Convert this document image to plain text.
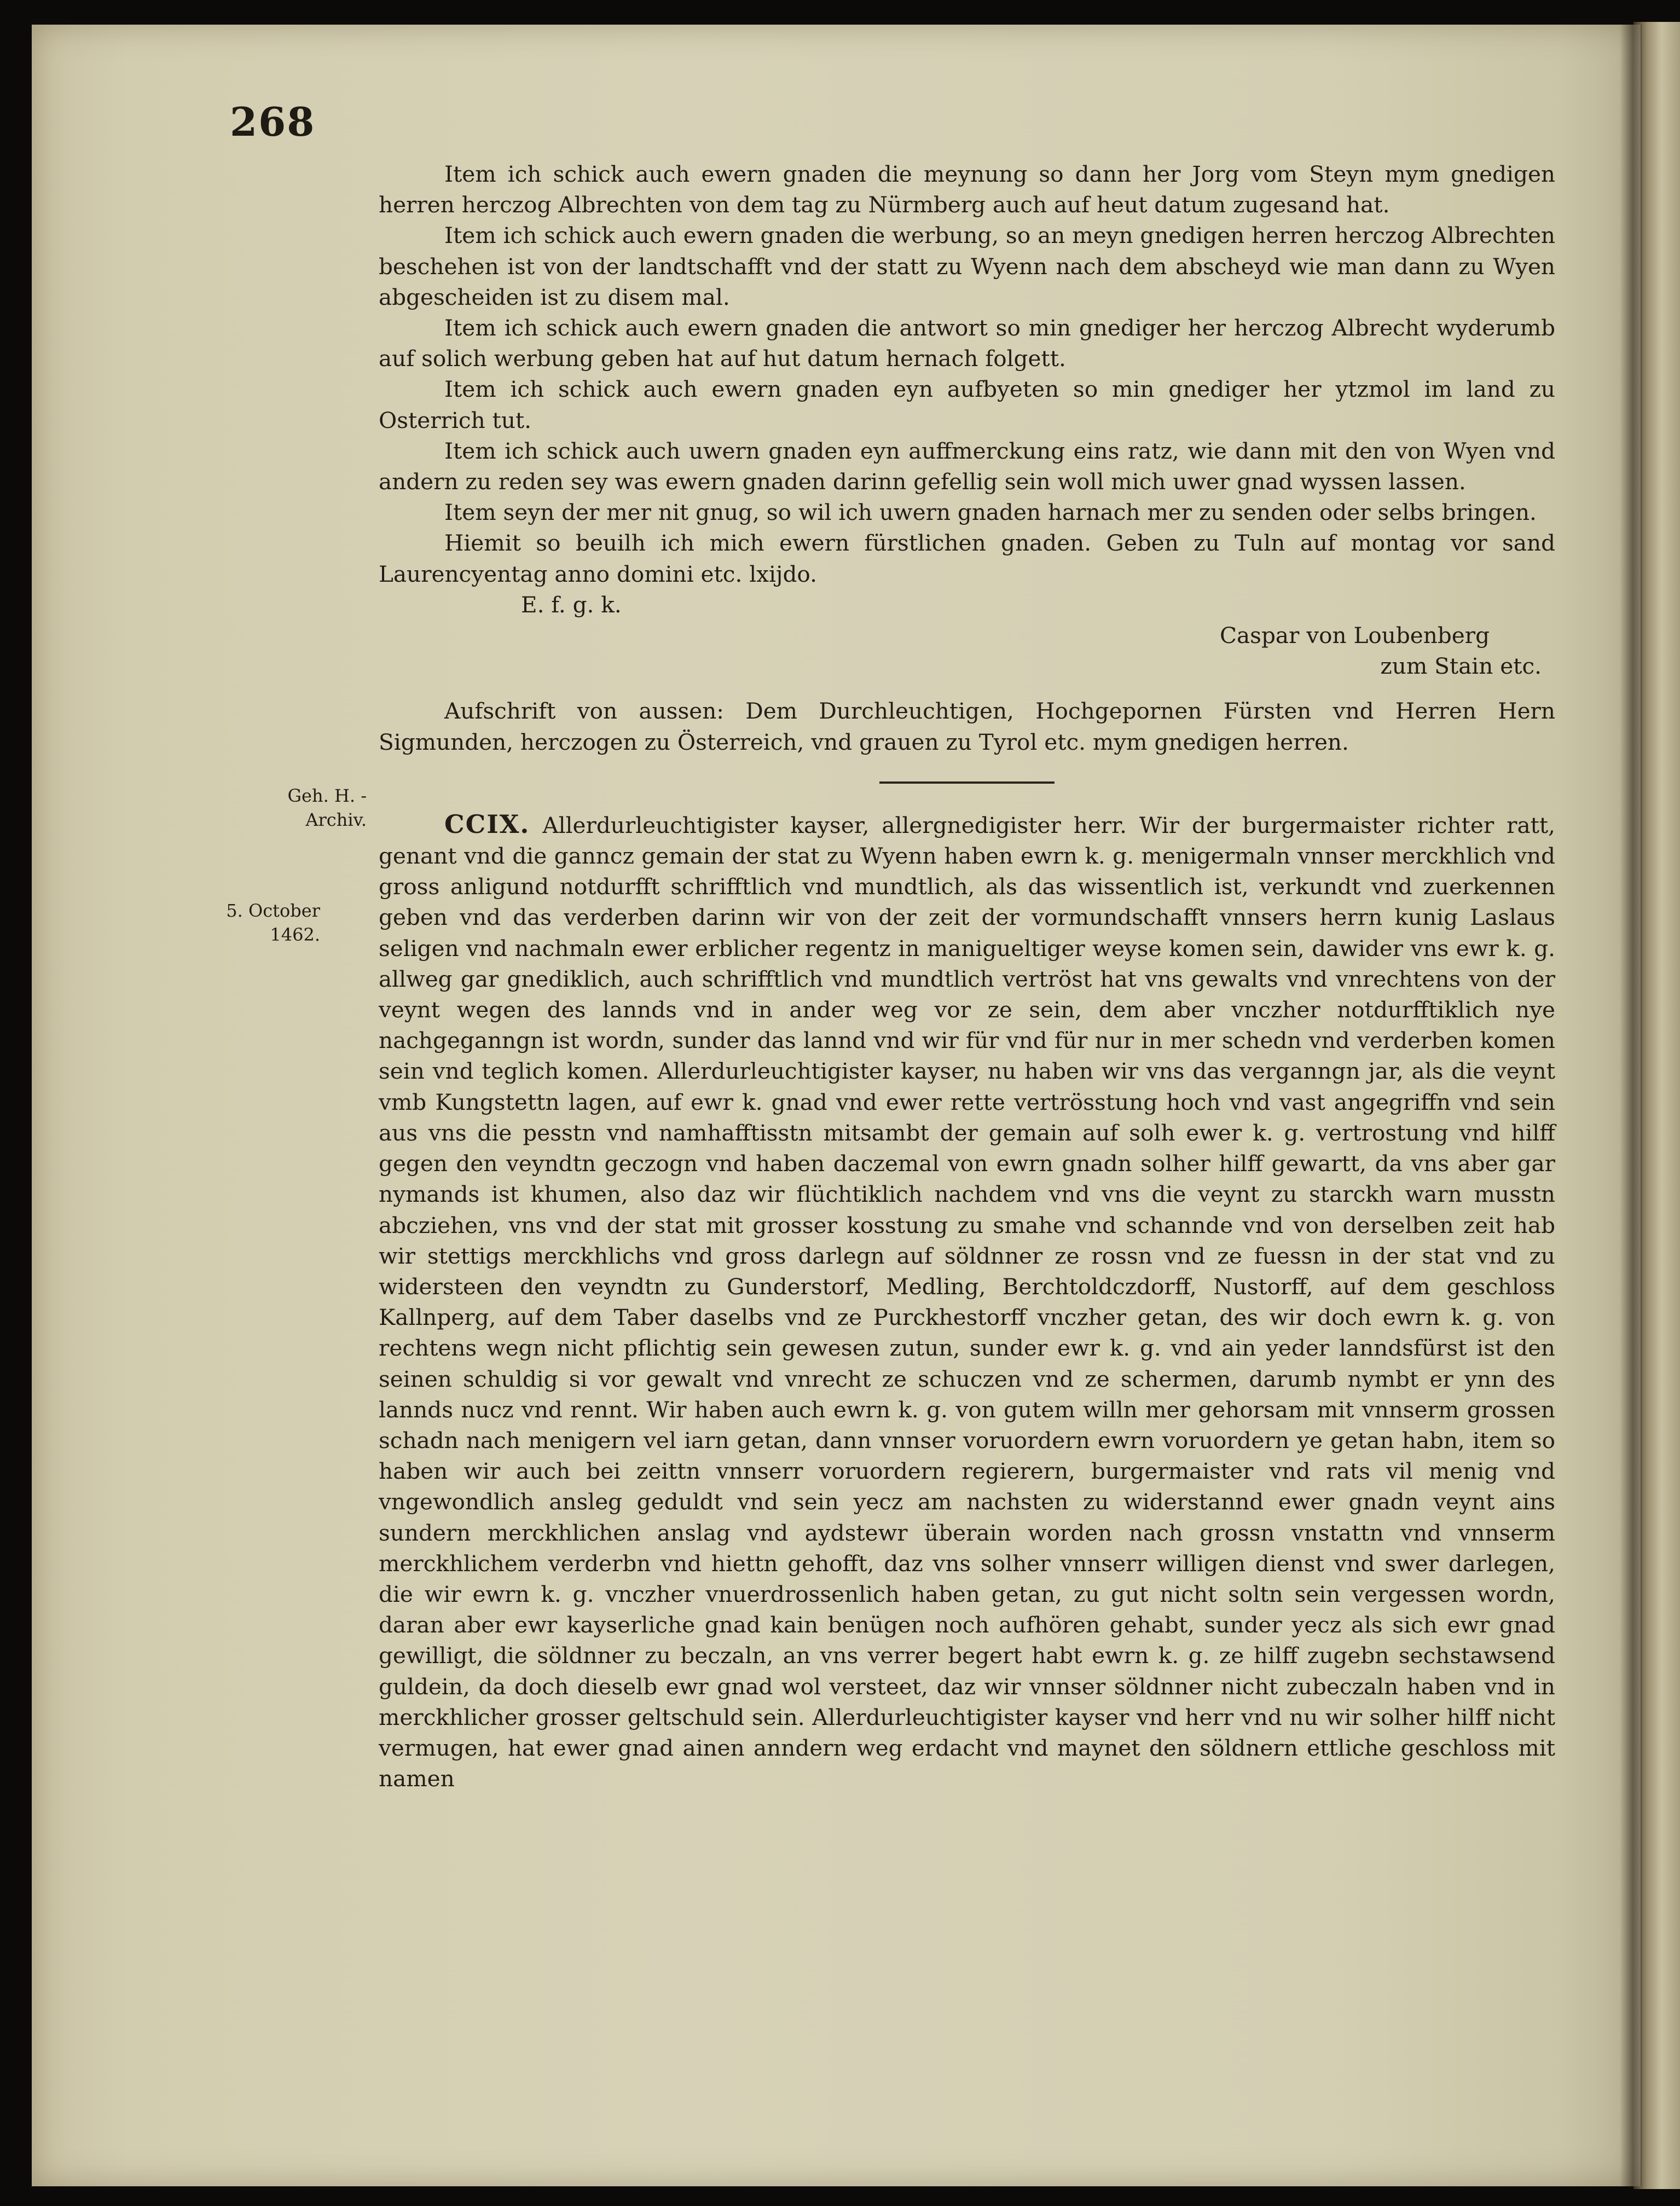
268
Geh. H. - Archiv.
5. October
1462.

Item ich schick auch ewern gnaden die meynung so dann her Jorg vom Steyn mym gnedigen herren herczog Albrechten von dem tag zu Nürmberg auch auf heut datum zugesand hat.

Item ich schick auch ewern gnaden die werbung, so an meyn gnedigen herren herczog Albrechten beschehen ist von der landtschafft vnd der statt zu Wyenn nach dem abscheyd wie man dann zu Wyen abgescheiden ist zu disem mal.

Item ich schick auch ewern gnaden die antwort so min gnediger her herczog Albrecht wyderumb auf solich werbung geben hat auf hut datum hernach folgett.

Item ich schick auch ewern gnaden eyn aufbyeten so min gnediger her ytzmol im land zu Osterrich tut.

Item ich schick auch uwern gnaden eyn auffmerckung eins ratz, wie dann mit den von Wyen vnd andern zu reden sey was ewern gnaden darinn gefellig sein woll mich uwer gnad wyssen lassen.

Item seyn der mer nit gnug, so wil ich uwern gnaden harnach mer zu senden oder selbs bringen.

Hiemit so beuilh ich mich ewern fürstlichen gnaden. Geben zu Tuln auf montag vor sand Laurencyentag anno domini etc. lxijdo.

E. f. g. k.

Caspar von Loubenberg
zum Stain etc.

Aufschrift von aussen: Dem Durchleuchtigen, Hochgepornen Fürsten vnd Herren Hern Sigmunden, herczogen zu Österreich, vnd grauen zu Tyrol etc. mym gnedigen herren.

CCIX. Allerdurleuchtigister kayser, allergnedigister herr. Wir der burgermaister richter ratt, genant vnd die ganncz gemain der stat zu Wyenn haben ewrn k. g. menigermaln vnnser merckhlich vnd gross anligund notdurfft schrifftlich vnd mundtlich, als das wissentlich ist, verkundt vnd zuerkennen geben vnd das verderben darinn wir von der zeit der vormundschafft vnnsers herrn kunig Laslaus seligen vnd nachmaln ewer erblicher regentz in manigueltiger weyse komen sein, dawider vns ewr k. g. allweg gar gnediklich, auch schrifftlich vnd mundtlich vertröst hat vns gewalts vnd vnrechtens von der veynt wegen des lannds vnd in ander weg vor ze sein, dem aber vnczher notdurfftiklich nye nachgeganngn ist wordn, sunder das lannd vnd wir für vnd für nur in mer schedn vnd verderben komen sein vnd teglich komen. Allerdurleuchtigister kayser, nu haben wir vns das verganngn jar, als die veynt vmb Kungstettn lagen, auf ewr k. gnad vnd ewer rette vertrösstung hoch vnd vast angegriffn vnd sein aus vns die pesstn vnd namhafftisstn mitsambt der gemain auf solh ewer k. g. vertrostung vnd hilff gegen den veyndtn geczogn vnd haben daczemal von ewrn gnadn solher hilff gewartt, da vns aber gar nymands ist khumen, also daz wir flüchtiklich nachdem vnd vns die veynt zu starckh warn musstn abcziehen, vns vnd der stat mit grosser kosstung zu smahe vnd schannde vnd von derselben zeit hab wir stettigs merckhlichs vnd gross darlegn auf söldnner ze rossn vnd ze fuessn in der stat vnd zu widersteen den veyndtn zu Gunderstorf, Medling, Berchtoldczdorff, Nustorff, auf dem geschloss Kallnperg, auf dem Taber daselbs vnd ze Purckhestorff vnczher getan, des wir doch ewrn k. g. von rechtens wegn nicht pflichtig sein gewesen zutun, sunder ewr k. g. vnd ain yeder lanndsfürst ist den seinen schuldig si vor gewalt vnd vnrecht ze schuczen vnd ze schermen, darumb nymbt er ynn des lannds nucz vnd rennt. Wir haben auch ewrn k. g. von gutem willn mer gehorsam mit vnnserm grossen schadn nach menigern vel iarn getan, dann vnnser voruordern ewrn voruordern ye getan habn, item so haben wir auch bei zeittn vnnserr voruordern regierern, burgermaister vnd rats vil menig vnd vngewondlich ansleg geduldt vnd sein yecz am nachsten zu widerstannd ewer gnadn veynt ains sundern merckhlichen anslag vnd aydstewr überain worden nach grossn vnstattn vnd vnnserm merckhlichem verderbn vnd hiettn gehofft, daz vns solher vnnserr willigen dienst vnd swer darlegen, die wir ewrn k. g. vnczher vnuerdrossenlich haben getan, zu gut nicht soltn sein vergessen wordn, daran aber ewr kayserliche gnad kain benügen noch aufhören gehabt, sunder yecz als sich ewr gnad gewilligt, die söldnner zu beczaln, an vns verrer begert habt ewrn k. g. ze hilff zugebn sechstawsend guldein, da doch dieselb ewr gnad wol versteet, daz wir vnnser söldnner nicht zubeczaln haben vnd in merckhlicher grosser geltschuld sein. Allerdurleuchtigister kayser vnd herr vnd nu wir solher hilff nicht vermugen, hat ewer gnad ainen anndern weg erdacht vnd maynet den söldnern ettliche geschloss mit namen
